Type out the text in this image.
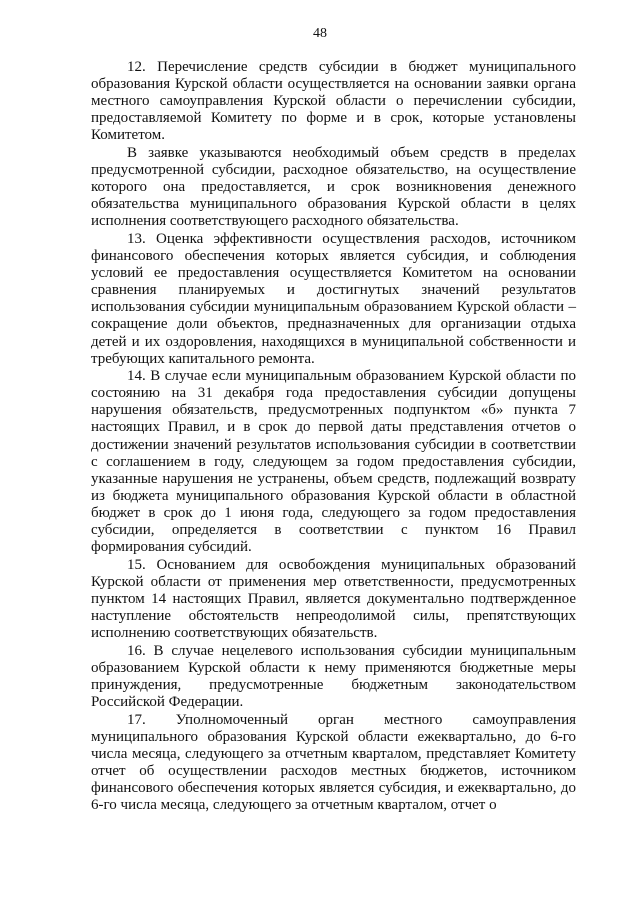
48

12. Перечисление средств субсидии в бюджет муниципального образования Курской области осуществляется на основании заявки органа местного самоуправления Курской области о перечислении субсидии, предоставляемой Комитету по форме и в срок, которые установлены Комитетом.

В заявке указываются необходимый объем средств в пределах предусмотренной субсидии, расходное обязательство, на осуществление которого она предоставляется, и срок возникновения денежного обязательства муниципального образования Курской области в целях исполнения соответствующего расходного обязательства.

13. Оценка эффективности осуществления расходов, источником финансового обеспечения которых является субсидия, и соблюдения условий ее предоставления осуществляется Комитетом на основании сравнения планируемых и достигнутых значений результатов использования субсидии муниципальным образованием Курской области – сокращение доли объектов, предназначенных для организации отдыха детей и их оздоровления, находящихся в муниципальной собственности и требующих капитального ремонта.

14. В случае если муниципальным образованием Курской области по состоянию на 31 декабря года предоставления субсидии допущены нарушения обязательств, предусмотренных подпунктом «б» пункта 7 настоящих Правил, и в срок до первой даты представления отчетов о достижении значений результатов использования субсидии в соответствии с соглашением в году, следующем за годом предоставления субсидии, указанные нарушения не устранены, объем средств, подлежащий возврату из бюджета муниципального образования Курской области в областной бюджет в срок до 1 июня года, следующего за годом предоставления субсидии, определяется в соответствии с пунктом 16 Правил формирования субсидий.

15. Основанием для освобождения муниципальных образований Курской области от применения мер ответственности, предусмотренных пунктом 14 настоящих Правил, является документально подтвержденное наступление обстоятельств непреодолимой силы, препятствующих исполнению соответствующих обязательств.

16. В случае нецелевого использования субсидии муниципальным образованием Курской области к нему применяются бюджетные меры принуждения, предусмотренные бюджетным законодательством Российской Федерации.

17. Уполномоченный орган местного самоуправления муниципального образования Курской области ежеквартально, до 6-го числа месяца, следующего за отчетным кварталом, представляет Комитету отчет об осуществлении расходов местных бюджетов, источником финансового обеспечения которых является субсидия, и ежеквартально, до 6-го числа месяца, следующего за отчетным кварталом, отчет о
